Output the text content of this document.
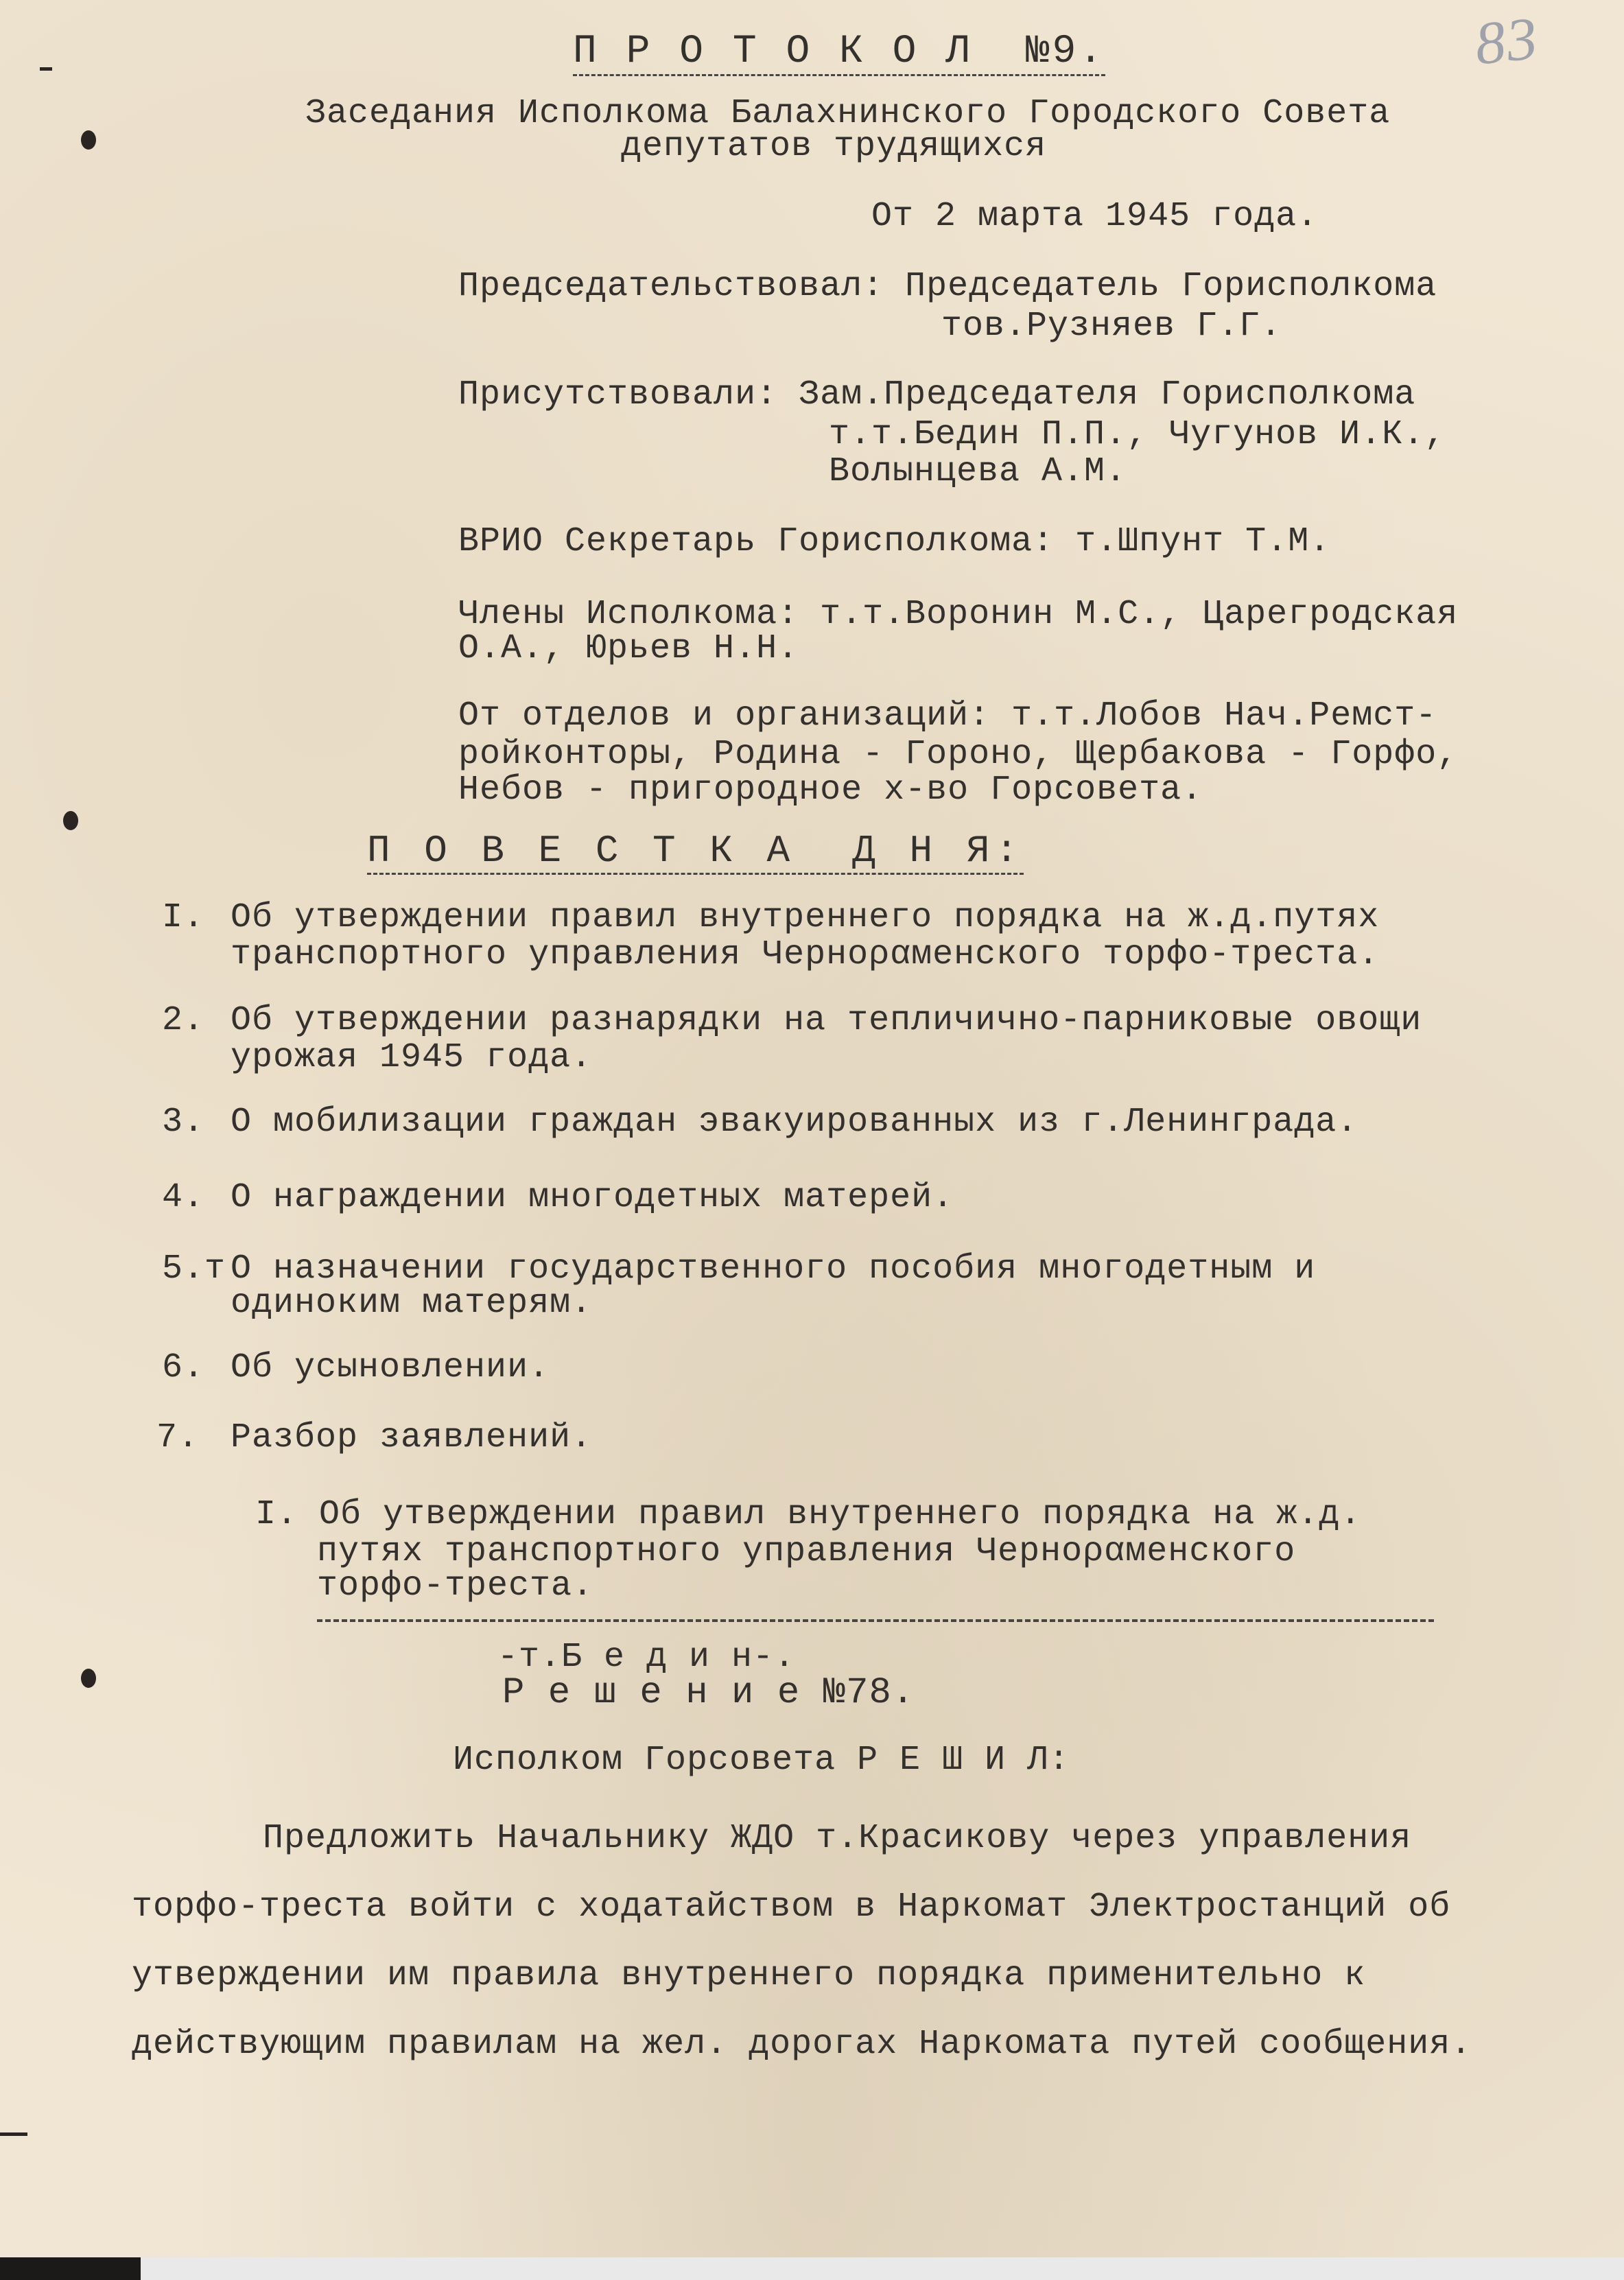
83
П Р О Т О К О Л  №9.
Заседания Исполкома Балахнинского Городского Совета
депутатов трудящихся
От 2 марта 1945 года.
Председательствовал: Председатель Горисполкома
тов.Рузняев Г.Г.
Присутствовали: Зам.Председателя Горисполкома
т.т.Бедин П.П., Чугунов И.К.,
Волынцева А.М.
ВРИО Секретарь Горисполкома: т.Шпунт Т.М.
Члены Исполкома: т.т.Воронин М.С., Царегродская
О.А., Юрьев Н.Н.
От отделов и организаций: т.т.Лобов Нач.Ремст-
ройконторы, Родина - Гороно, Щербакова - Горфо,
Небов - пригородное х-во Горсовета.
П О В Е С Т К А  Д Н Я:
I. Об утверждении правил внутреннего порядка на ж.д.путях
транспортного управления Черноραменского торфо-треста.
2. Об утверждении разнарядки на тепличично-парниковые овощи
урожая 1945 года.
3. О мобилизации граждан эвакуированных из г.Ленинграда.
4. О награждении многодетных матерей.
5.т О назначении государственного пособия многодетным и
одиноким матерям.
6. Об усыновлении.
7. Разбор заявлений.
I. Об утверждении правил внутреннего порядка на ж.д.
путях транспортного управления Черноραменского
торфо-треста.
-т.Б е д и н-.
Р е ш е н и е №78.
Исполком Горсовета Р Е Ш И Л:
Предложить Начальнику ЖДО т.Красикову через управления
торфо-треста войти с ходатайством в Наркомат Электростанций об
утверждении им правила внутреннего порядка применительно к
действующим правилам на жел. дорогах Наркомата путей сообщения.
